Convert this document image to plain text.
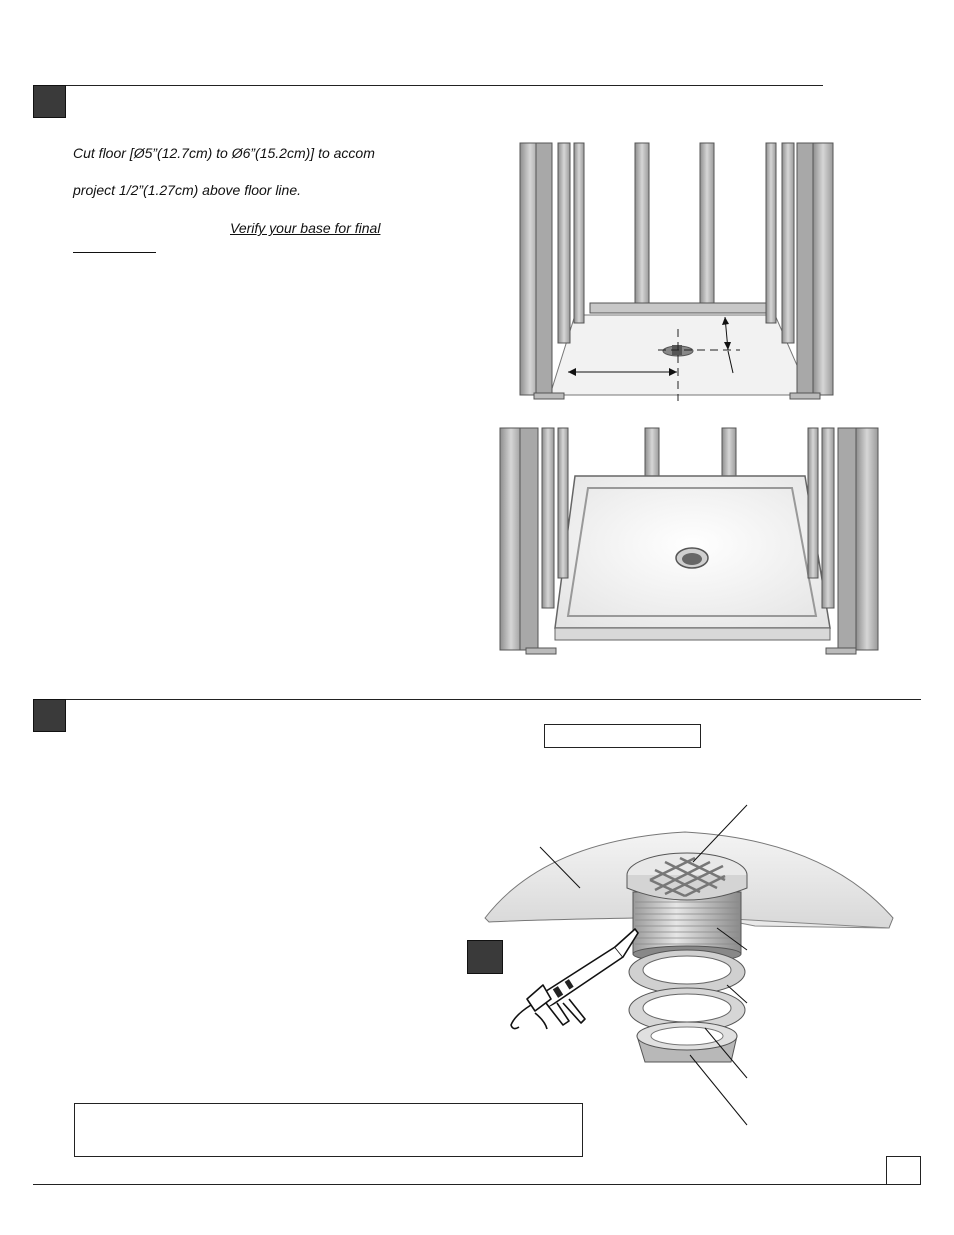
Cut floor [Ø5”(12.7cm) to Ø6”(15.2cm)] to accom
project 1/2”(1.27cm) above floor line.
Verify your base for final
